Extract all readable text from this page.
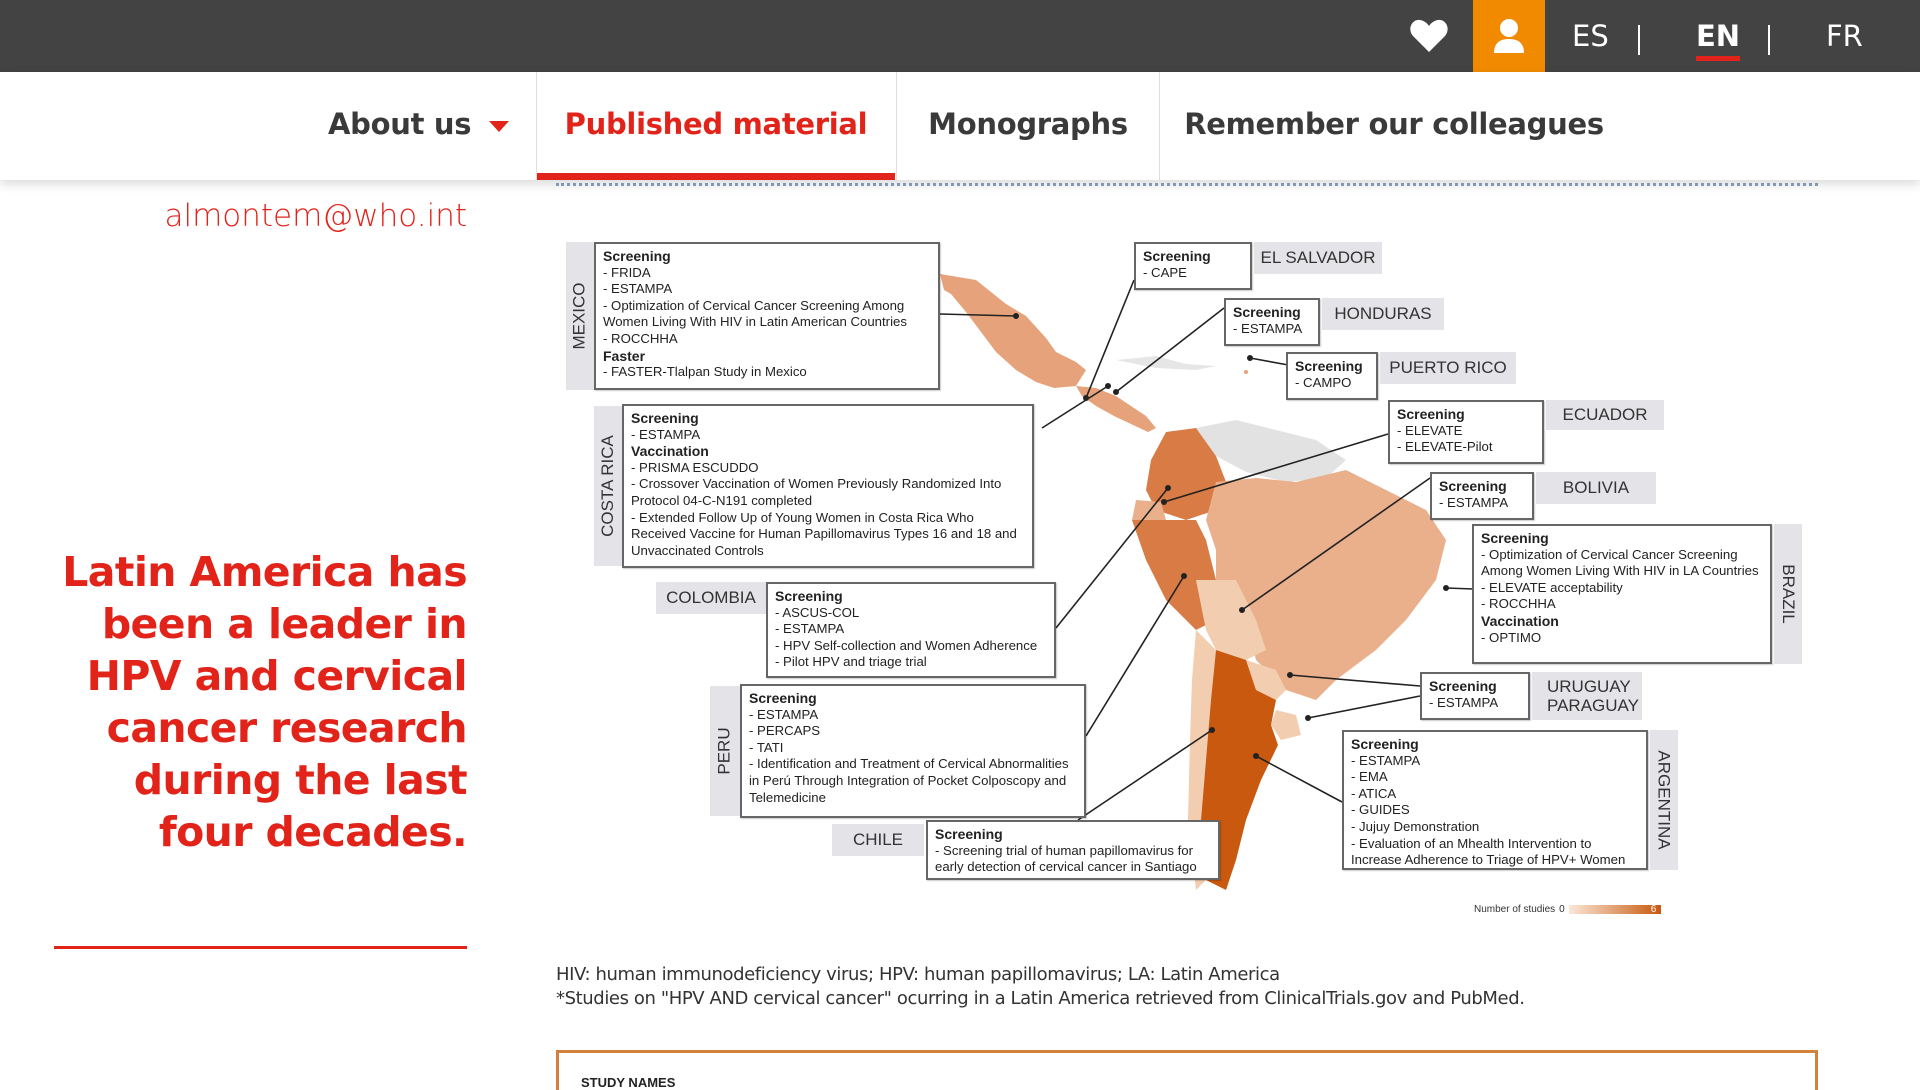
ES	EN	FR
About us	Published material	Monographs	Remember our colleagues
almontem@who.int
Latin America has been a leader in HPV and cervical cancer research during the last four decades.
MEXICO
Screening
- FRIDA
- ESTAMPA
- Optimization of Cervical Cancer Screening Among Women Living With HIV in Latin American Countries
- ROCCHHA
Faster
- FASTER-Tlalpan Study in Mexico
COSTA RICA
Screening
- ESTAMPA
Vaccination
- PRISMA ESCUDDO
- Crossover Vaccination of Women Previously Randomized Into Protocol 04-C-N191 completed
- Extended Follow Up of Young Women in Costa Rica Who Received Vaccine for Human Papillomavirus Types 16 and 18 and Unvaccinated Controls
COLOMBIA Screening
- ASCUS-COL
- ESTAMPA
- HPV Self-collection and Women Adherence
- Pilot HPV and triage trial
PERU
Screening
- ESTAMPA
- PERCAPS
- TATI
- Identification and Treatment of Cervical Abnormalities in Perú Through Integration of Pocket Colposcopy and Telemedicine
CHILE Screening
- Screening trial of human papillomavirus for early detection of cervical cancer in Santiago
Screening
- CAPE
EL SALVADOR
Screening
- ESTAMPA
HONDURAS
Screening
- CAMPO
PUERTO RICO
Screening
- ELEVATE
- ELEVATE-Pilot
ECUADOR
Screening
- ESTAMPA
BOLIVIA
Screening
- Optimization of Cervical Cancer Screening Among Women Living With HIV in LA Countries
- ELEVATE acceptability
- ROCCHHA
Vaccination
- OPTIMO
BRAZIL
Screening
- ESTAMPA
URUGUAY PARAGUAY
Screening
- ESTAMPA
- EMA
- ATICA
- GUIDES
- Jujuy Demonstration
- Evaluation of an Mhealth Intervention to Increase Adherence to Triage of HPV+ Women
ARGENTINA
Number of studies 0	6
HIV: human immunodeficiency virus; HPV: human papillomavirus; LA: Latin America
*Studies on "HPV AND cervical cancer" ocurring in a Latin America retrieved from ClinicalTrials.gov and PubMed.
STUDY NAMES
